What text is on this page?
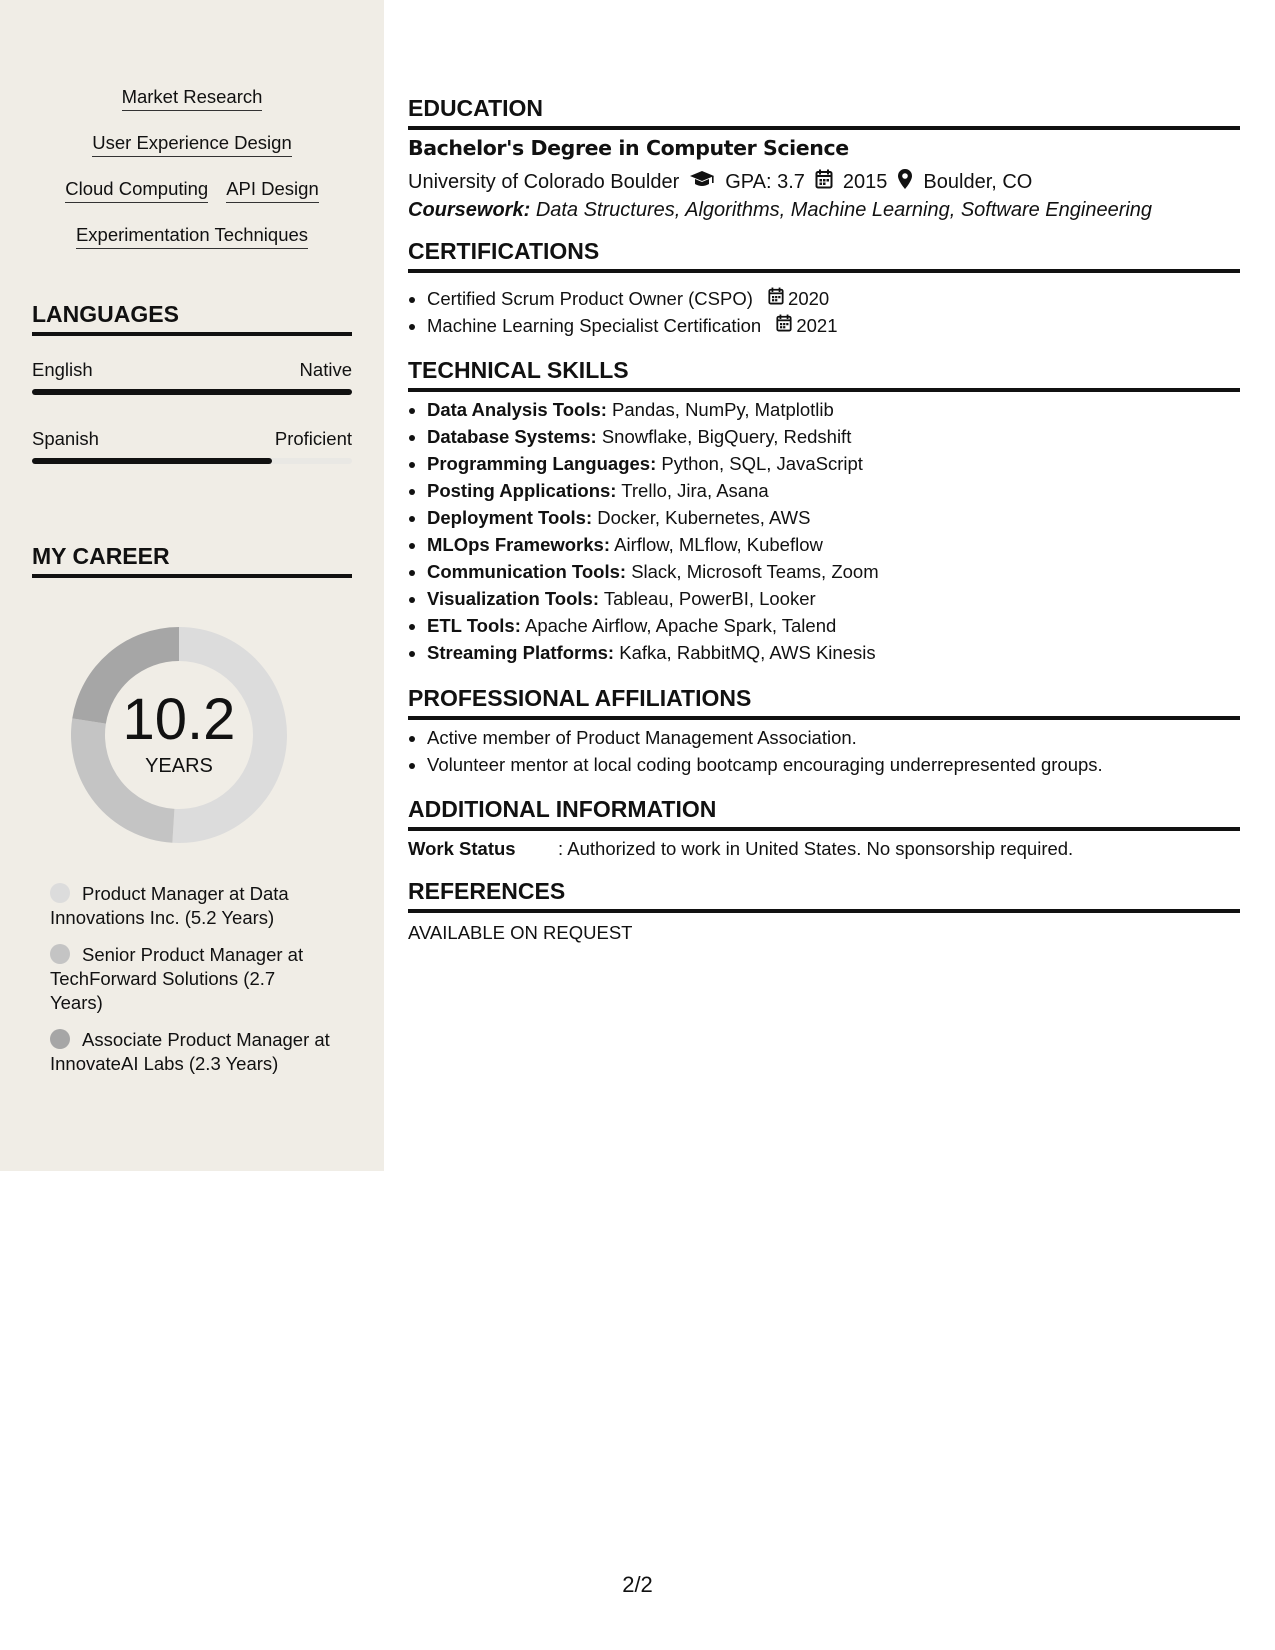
Market Research
User Experience Design
Cloud Computing API Design
Experimentation Techniques
LANGUAGES
English	Native
Spanish	Proficient
MY CAREER
10.2
YEARS
Product Manager at Data Innovations Inc. (5.2 Years)
Senior Product Manager at TechForward Solutions (2.7 Years)
Associate Product Manager at InnovateAI Labs (2.3 Years)
EDUCATION
Bachelor's Degree in Computer Science
University of Colorado Boulder GPA: 3.7 2015 Boulder, CO
Coursework: Data Structures, Algorithms, Machine Learning, Software Engineering
CERTIFICATIONS
• Certified Scrum Product Owner (CSPO) 2020
• Machine Learning Specialist Certification 2021
TECHNICAL SKILLS
• Data Analysis Tools: Pandas, NumPy, Matplotlib
• Database Systems: Snowflake, BigQuery, Redshift
• Programming Languages: Python, SQL, JavaScript
• Posting Applications: Trello, Jira, Asana
• Deployment Tools: Docker, Kubernetes, AWS
• MLOps Frameworks: Airflow, MLflow, Kubeflow
• Communication Tools: Slack, Microsoft Teams, Zoom
• Visualization Tools: Tableau, PowerBI, Looker
• ETL Tools: Apache Airflow, Apache Spark, Talend
• Streaming Platforms: Kafka, RabbitMQ, AWS Kinesis
PROFESSIONAL AFFILIATIONS
• Active member of Product Management Association.
• Volunteer mentor at local coding bootcamp encouraging underrepresented groups.
ADDITIONAL INFORMATION
Work Status : Authorized to work in United States. No sponsorship required.
REFERENCES
AVAILABLE ON REQUEST
2/2
